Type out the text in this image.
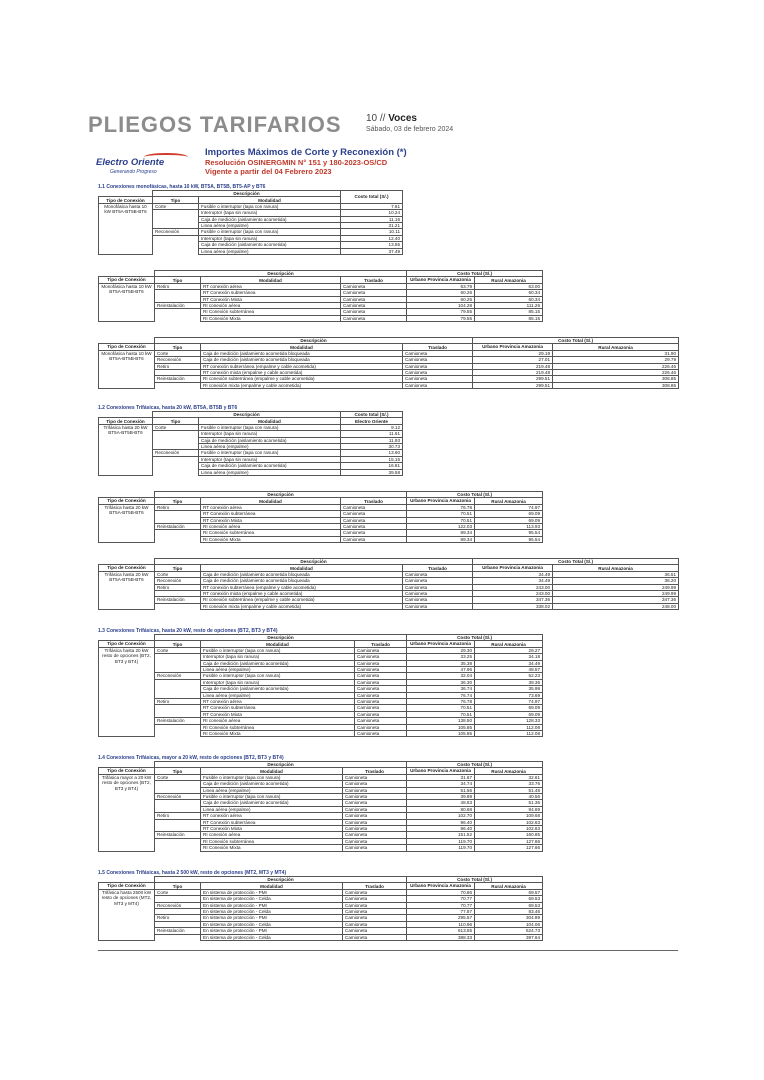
PLIEGOS TARIFARIOS 10 // Voces
Sábado, 03 de febrero 2024
Electro Oriente
Generando Progreso
Importes Máximos de Corte y Reconexión (*)
Resolución OSINERGMIN N° 151 y 180-2023-OS/CD
Vigente a partir del 04 Febrero 2023
1.1 Conexiones monofásicas, hasta 10 kW, BT5A, BT5B, BT5-AP y BT6
	Descripción		Costo total (S/.)
Tipo de Conexión	Tipo	Modalidad	
Monofásica hasta 10 kW BT5A-BT5B-BT6	Corte	Fusible o interruptor (tapa con ranura)	7.61
		Interruptor (tapa sin ranura)	10.24
		Caja de medición (aislamiento acometida)	11.16
		Linea aérea (empalme)	31.21
	Reconexión	Fusible o interruptor (tapa con ranura)	10.11
		Interruptor (tapa sin ranura)	12.40
		Caja de medición (aislamiento acometida)	13.55
		Linea aérea (empalme)	37.49
	Descripción			Costo Total (S/.)	
Tipo de Conexión	Tipo	Modalidad	Traslado	Urbano Provincia Amazonia	Rural Amazonia
Monofásica hasta 10 kW BT5A-BT5B-BT6	Retiro	RT conexión aérea	Camioneta	63.79	63.00
		RT Conexión subterránea	Camioneta	60.26	60.34
		RT Conexión Mixta	Camioneta	60.26	60.34
	Reinstalación	RI conexión aérea	Camioneta	104.28	111.26
		RI Conexión subterránea	Camioneta	79.55	85.15
		RI Conexión Mixta	Camioneta	79.55	85.15
	Descripción			Costo Total (S/.)	
Tipo de Conexión	Tipo	Modalidad	Traslado	Urbano Provincia Amazonia	Rural Amazonia
Monofásica hasta 10 kW BT5A-BT5B-BT6	Corte	Caja de medición (aislamiento acometida bloqueada	Camioneta	29.19	31.90
	Reconexión	Caja de medición (aislamiento acometida bloqueada	Camioneta	27.01	29.79
	Retiro	RT conexión subterránea (empalme y cable acometida)	Camioneta	219.48	226.46
		RT conexión mixta (empalme y cable acometida)	Camioneta	219.48	226.46
	Reinstalación	RI conexión subterránea (empalme y cable acometida)	Camioneta	299.51	308.85
		RI conexión mixta (empalme y cable acometida)	Camioneta	299.51	308.85
1.2 Conexiones Trifásicas, hasta 20 kW, BT5A, BT5B y BT6
	Descripción		Costo total (S/.)
Tipo de Conexión	Tipo	Modalidad	Electro Oriente
Trifásica hasta 20 kW BT5A-BT5B-BT6	Corte	Fusible o interruptor (tapa con ranura)	9.12
		Interruptor (tapa sin ranura)	11.61
		Caja de medición (aislamiento acometida)	11.93
		Linea aérea (empalme)	30.73
	Reconexión	Fusible o interruptor (tapa con ranura)	13.60
		Interruptor (tapa sin ranura)	15.15
		Caja de medición (aislamiento acometida)	16.81
		Linea aérea (empalme)	39.58
	Descripción			Costo Total (S/.)	
Tipo de Conexión	Tipo	Modalidad	Traslado	Urbano Provincia Amazonia	Rural Amazonia
Trifásica hasta 20 kW BT5A-BT5B-BT6	Retiro	RT conexión aérea	Camioneta	76.78	74.97
		RT Conexión subterránea	Camioneta	70.51	69.09
		RT Conexión Mixta	Camioneta	70.51	69.09
	Reinstalación	RI conexión aérea	Camioneta	122.03	113.93
		RI Conexión subterránea	Camioneta	89.34	95.54
		RI Conexión Mixta	Camioneta	89.34	95.54
	Descripción			Costo Total (S/.)	
Tipo de Conexión	Tipo	Modalidad	Traslado	Urbano Provincia Amazonia	Rural Amazonia
Trifásica hasta 20 kW BT5A-BT5B-BT6	Corte	Caja de medición (aislamiento acometida bloqueada	Camioneta	34.49	36.51
	Reconexión	Caja de medición (aislamiento acometida bloqueada	Camioneta	34.49	36.20
	Retiro	RT conexión subterránea (empalme y cable acometida)	Camioneta	243.00	249.99
		RT conexión mixta (empalme y cable acometida)	Camioneta	243.00	249.99
	Reinstalación	RI conexión subterránea (empalme y cable acometida)	Camioneta	347.36	347.36
		RI conexión mixta (empalme y cable acometida)	Camioneta	338.02	248.00
1.3 Conexiones Trifásicas, hasta 20 kW, resto de opciones (BT2, BT3 y BT4)
	Descripción			Costo Total (S/.)	
Tipo de Conexión	Tipo	Modalidad	Traslado	Urbano Provincia Amazonia	Rural Amazonia
Trifásica hasta 20 kW resto de opciones (BT2, BT3 y BT4)	Corte	Fusible o interruptor (tapa con ranura)	Camioneta	29.30	29.27
		Interruptor (tapa sin ranura)	Camioneta	33.25	34.18
		Caja de medición (aislamiento acometida)	Camioneta	35.38	34.49
		Linea aérea (empalme)	Camioneta	47.96	48.57
	Reconexión	Fusible o interruptor (tapa con ranura)	Camioneta	32.04	52.23
		Interruptor (tapa sin ranura)	Camioneta	36.30	39.36
		Caja de medición (aislamiento acometida)	Camioneta	36.74	35.98
		Linea aérea (empalme)	Camioneta	76.74	73.69
	Retiro	RT conexión aérea	Camioneta	76.78	74.97
		RT Conexión subterránea	Camioneta	70.51	69.09
		RT Conexión Mixta	Camioneta	70.51	69.09
	Reinstalación	RI conexión aérea	Camioneta	138.50	128.33
		RI Conexión subterránea	Camioneta	105.85	112.08
		RI Conexión Mixta	Camioneta	105.85	112.08
1.4 Conexiones Trifásicas, mayor a 20 kW, resto de opciones (BT2, BT3 y BT4)
	Descripción			Costo Total (S/.)	
Tipo de Conexión	Tipo	Modalidad	Traslado	Urbano Provincia Amazonia	Rural Amazonia
Trifásica mayor a 20 kW resto de opciones (BT2, BT3 y BT4)	Corte	Fusible o interruptor (tapa con ranura)	Camioneta	31.67	32.61
		Caja de medición (aislamiento acometida)	Camioneta	34.74	33.76
		Linea aérea (empalme)	Camioneta	51.56	51.48
	Reconexión	Fusible o interruptor (tapa con ranura)	Camioneta	39.89	40.56
		Caja de medición (aislamiento acometida)	Camioneta	48.63	51.36
		Linea aérea (empalme)	Camioneta	80.68	84.69
	Retiro	RT conexión aérea	Camioneta	102.70	109.68
		RT Conexión subterránea	Camioneta	96.40	102.63
		RT Conexión Mixta	Camioneta	96.40	102.63
	Reinstalación	RI conexión aérea	Camioneta	151.52	160.85
		RI Conexión subterránea	Camioneta	119.70	127.66
		RI Conexión Mixta	Camioneta	119.70	127.66
1.5 Conexiones Trifásicas, hasta 2 500 kW, resto de opciones (MT2, MT3 y MT4)
	Descripción			Costo Total (S/.)	
Tipo de Conexión	Tipo	Modalidad	Traslado	Urbano Provincia Amazonia	Rural Amazonia
Trifásica hasta 2500 kW resto de opciones (MT2, MT3 y MT4)	Corte	En sistema de protección - PMI	Camioneta	70.86	69.57
		En sistema de protección - Celda	Camioneta	70.77	69.53
	Reconexión	En sistema de protección - PMI	Camioneta	70.77	69.53
		En sistema de protección - Celda	Camioneta	77.87	83.46
	Retiro	En sistema de protección - PMI	Camioneta	295.57	304.89
		En sistema de protección - Celda	Camioneta	110.96	104.06
	Reinstalación	En sistema de protección - PMI	Camioneta	613.55	624.73
		En sistema de protección - Celda	Camioneta	388.33	397.64
